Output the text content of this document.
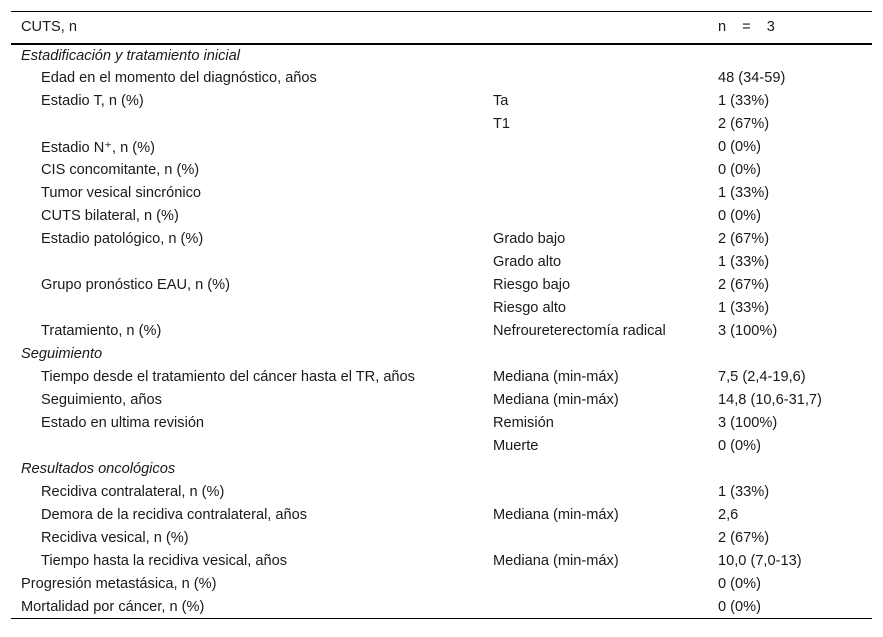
CUTS, n		n = 3
Estadificación y tratamiento inicial		
Edad en el momento del diagnóstico, años		48 (34-59)
Estadio T, n (%)	Ta	1 (33%)
	T1	2 (67%)
Estadio N⁺, n (%)		0 (0%)
CIS concomitante, n (%)		0 (0%)
Tumor vesical sincrónico		1 (33%)
CUTS bilateral, n (%)		0 (0%)
Estadio patológico, n (%)	Grado bajo	2 (67%)
	Grado alto	1 (33%)
Grupo pronóstico EAU, n (%)	Riesgo bajo	2 (67%)
	Riesgo alto	1 (33%)
Tratamiento, n (%)	Nefroureterectomía radical	3 (100%)
Seguimiento		
Tiempo desde el tratamiento del cáncer hasta el TR, años	Mediana (min-máx)	7,5 (2,4-19,6)
Seguimiento, años	Mediana (min-máx)	14,8 (10,6-31,7)
Estado en ultima revisión	Remisión	3 (100%)
	Muerte	0 (0%)
Resultados oncológicos		
Recidiva contralateral, n (%)		1 (33%)
Demora de la recidiva contralateral, años	Mediana (min-máx)	2,6
Recidiva vesical, n (%)		2 (67%)
Tiempo hasta la recidiva vesical, años	Mediana (min-máx)	10,0 (7,0-13)
Progresión metastásica, n (%)		0 (0%)
Mortalidad por cáncer, n (%)		0 (0%)
